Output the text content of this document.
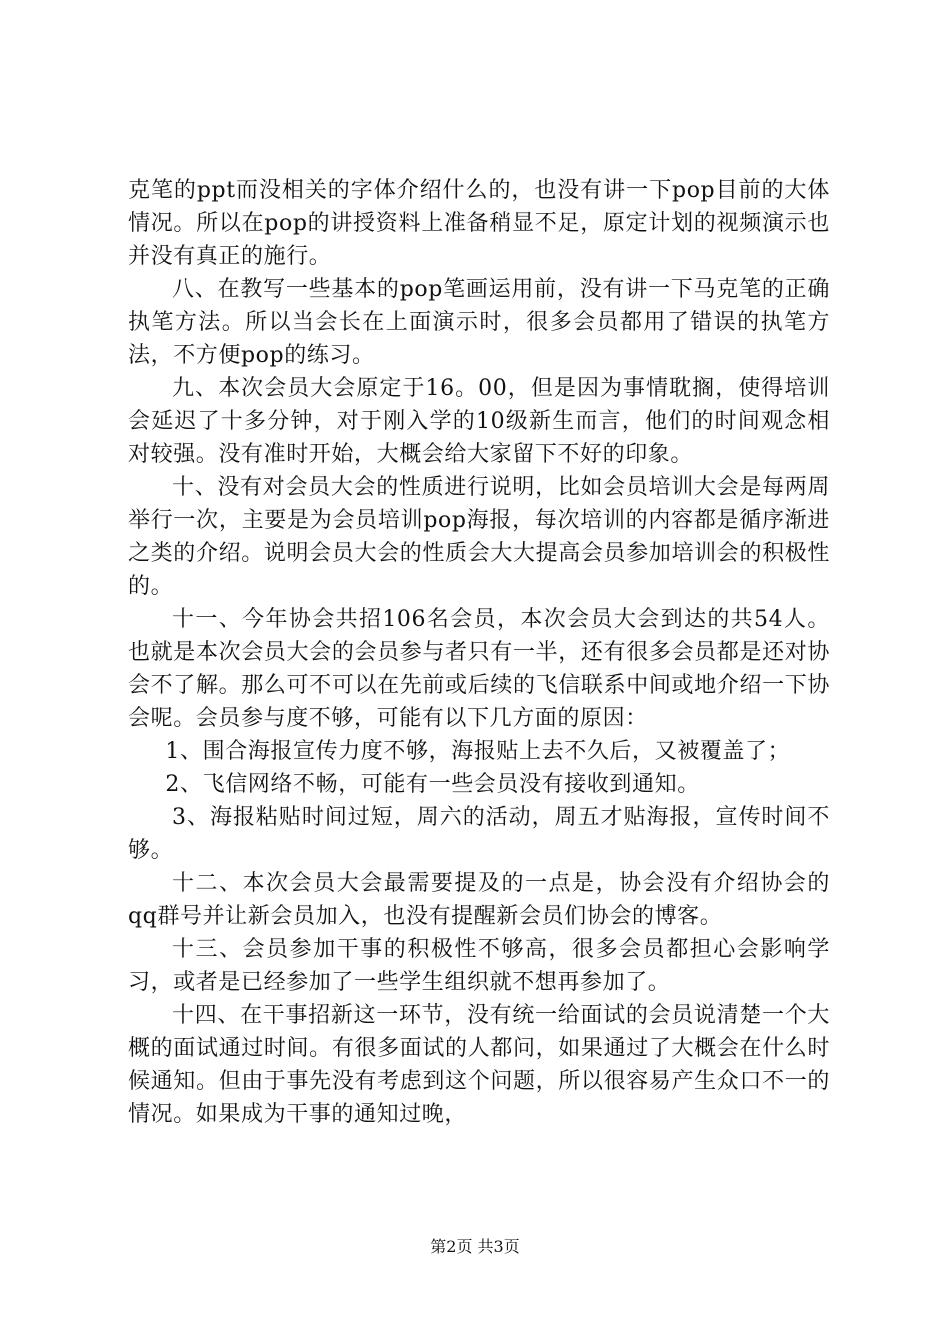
克笔的ppt而没相关的字体介绍什么的，也没有讲一下pop目前的大体情况。所以在pop的讲授资料上准备稍显不足，原定计划的视频演示也并没有真正的施行。

八、在教写一些基本的pop笔画运用前，没有讲一下马克笔的正确执笔方法。所以当会长在上面演示时，很多会员都用了错误的执笔方法，不方便pop的练习。

九、本次会员大会原定于16。00，但是因为事情耽搁，使得培训会延迟了十多分钟，对于刚入学的10级新生而言，他们的时间观念相对较强。没有准时开始，大概会给大家留下不好的印象。

十、没有对会员大会的性质进行说明，比如会员培训大会是每两周举行一次，主要是为会员培训pop海报，每次培训的内容都是循序渐进之类的介绍。说明会员大会的性质会大大提高会员参加培训会的积极性的。

十一、今年协会共招106名会员，本次会员大会到达的共54人。也就是本次会员大会的会员参与者只有一半，还有很多会员都是还对协会不了解。那么可不可以在先前或后续的飞信联系中间或地介绍一下协会呢。会员参与度不够，可能有以下几方面的原因：

1、围合海报宣传力度不够，海报贴上去不久后，又被覆盖了；

2、飞信网络不畅，可能有一些会员没有接收到通知。

3、海报粘贴时间过短，周六的活动，周五才贴海报，宣传时间不够。

十二、本次会员大会最需要提及的一点是，协会没有介绍协会的qq群号并让新会员加入，也没有提醒新会员们协会的博客。

十三、会员参加干事的积极性不够高，很多会员都担心会影响学习，或者是已经参加了一些学生组织就不想再参加了。

十四、在干事招新这一环节，没有统一给面试的会员说清楚一个大概的面试通过时间。有很多面试的人都问，如果通过了大概会在什么时候通知。但由于事先没有考虑到这个问题，所以很容易产生众口不一的情况。如果成为干事的通知过晚，

第2页 共3页
